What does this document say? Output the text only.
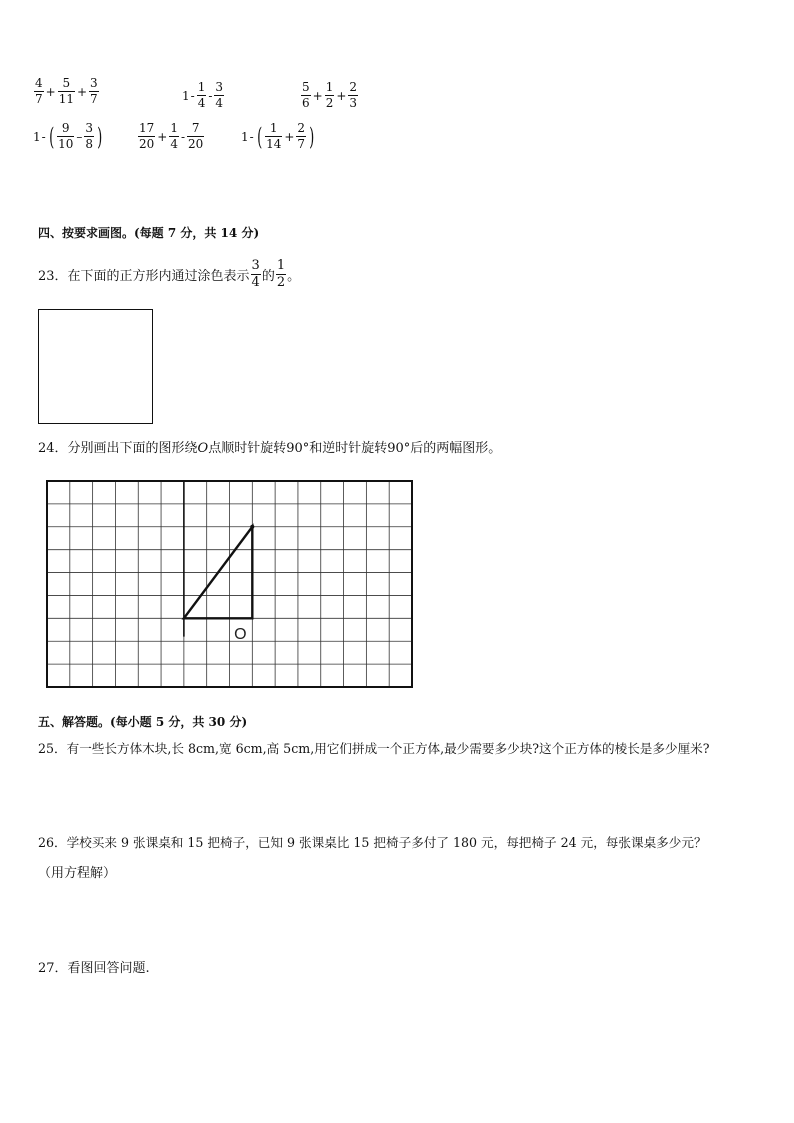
$\frac{4}{7} + \frac{5}{11} + \frac{3}{7}$	$1 - \frac{1}{4} - \frac{3}{4}$	$\frac{5}{6} + \frac{1}{2} + \frac{2}{3}$
1 - ( $\frac{9}{10} - \frac{3}{8}$ )	$\frac{17}{20} + \frac{1}{4} - \frac{7}{20}$	1 - ( $\frac{1}{14} + \frac{2}{7}$ )
四、按要求画图。(每题 7 分，共 14 分)
23．在下面的正方形内通过涂色表示 $\frac{3}{4}$ 的 $\frac{1}{2}$ 。
24．分别画出下面的图形绕O点顺时针旋转90°和逆时针旋转90°后的两幅图形。
O
五、解答题。(每小题 5 分，共 30 分)
25．有一些长方体木块,长 8cm,宽 6cm,高 5cm,用它们拼成一个正方体,最少需要多少块?这个正方体的棱长是多少厘米?
26．学校买来 9 张课桌和 15 把椅子，已知 9 张课桌比 15 把椅子多付了 180 元，每把椅子 24 元，每张课桌多少元？
（用方程解）
27．看图回答问题.
